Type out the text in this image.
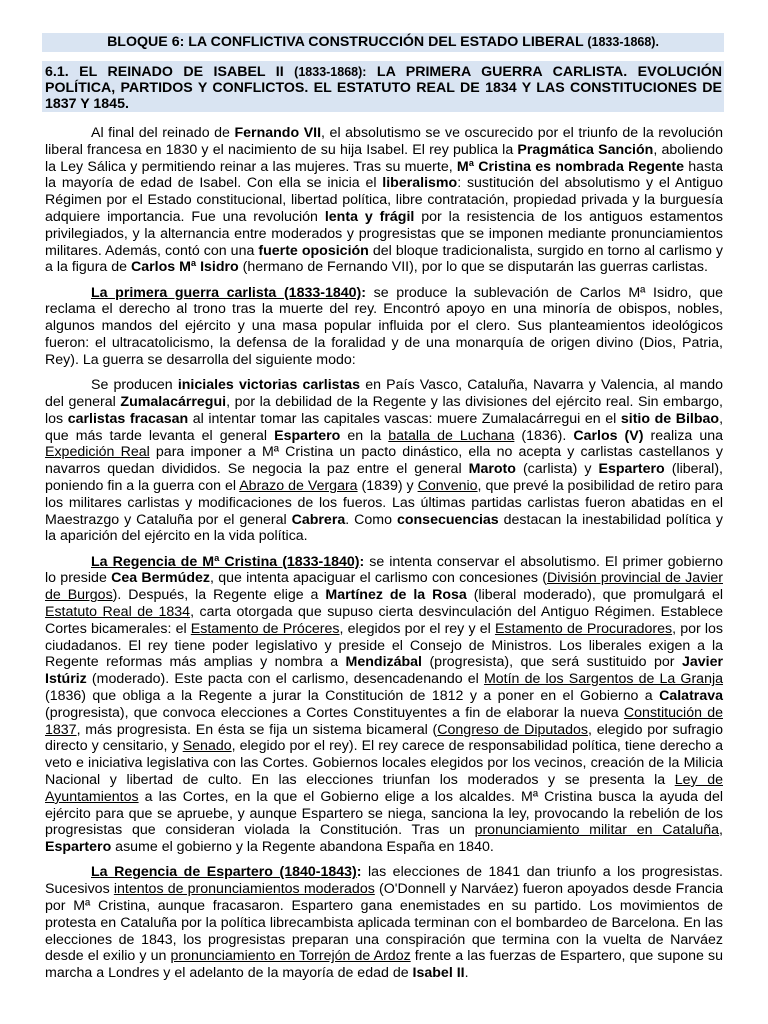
BLOQUE 6: LA CONFLICTIVA CONSTRUCCIÓN DEL ESTADO LIBERAL (1833-1868).
6.1. EL REINADO DE ISABEL II (1833-1868): LA PRIMERA GUERRA CARLISTA. EVOLUCIÓN POLÍTICA, PARTIDOS Y CONFLICTOS. EL ESTATUTO REAL DE 1834 Y LAS CONSTITUCIONES DE 1837 Y 1845.

Al final del reinado de Fernando VII, el absolutismo se ve oscurecido por el triunfo de la revolución liberal francesa en 1830 y el nacimiento de su hija Isabel. El rey publica la Pragmática Sanción, aboliendo la Ley Sálica y permitiendo reinar a las mujeres. Tras su muerte, Mª Cristina es nombrada Regente hasta la mayoría de edad de Isabel. Con ella se inicia el liberalismo: sustitución del absolutismo y el Antiguo Régimen por el Estado constitucional, libertad política, libre contratación, propiedad privada y la burguesía adquiere importancia. Fue una revolución lenta y frágil por la resistencia de los antiguos estamentos privilegiados, y la alternancia entre moderados y progresistas que se imponen mediante pronunciamientos militares. Además, contó con una fuerte oposición del bloque tradicionalista, surgido en torno al carlismo y a la figura de Carlos Mª Isidro (hermano de Fernando VII), por lo que se disputarán las guerras carlistas.

La primera guerra carlista (1833-1840): se produce la sublevación de Carlos Mª Isidro, que reclama el derecho al trono tras la muerte del rey. Encontró apoyo en una minoría de obispos, nobles, algunos mandos del ejército y una masa popular influida por el clero. Sus planteamientos ideológicos fueron: el ultracatolicismo, la defensa de la foralidad y de una monarquía de origen divino (Dios, Patria, Rey). La guerra se desarrolla del siguiente modo:

Se producen iniciales victorias carlistas en País Vasco, Cataluña, Navarra y Valencia, al mando del general Zumalacárregui, por la debilidad de la Regente y las divisiones del ejército real. Sin embargo, los carlistas fracasan al intentar tomar las capitales vascas: muere Zumalacárregui en el sitio de Bilbao, que más tarde levanta el general Espartero en la batalla de Luchana (1836). Carlos (V) realiza una Expedición Real para imponer a Mª Cristina un pacto dinástico, ella no acepta y carlistas castellanos y navarros quedan divididos. Se negocia la paz entre el general Maroto (carlista) y Espartero (liberal), poniendo fin a la guerra con el Abrazo de Vergara (1839) y Convenio, que prevé la posibilidad de retiro para los militares carlistas y modificaciones de los fueros. Las últimas partidas carlistas fueron abatidas en el Maestrazgo y Cataluña por el general Cabrera. Como consecuencias destacan la inestabilidad política y la aparición del ejército en la vida política.

La Regencia de Mª Cristina (1833-1840): se intenta conservar el absolutismo. El primer gobierno lo preside Cea Bermúdez, que intenta apaciguar el carlismo con concesiones (División provincial de Javier de Burgos). Después, la Regente elige a Martínez de la Rosa (liberal moderado), que promulgará el Estatuto Real de 1834, carta otorgada que supuso cierta desvinculación del Antiguo Régimen. Establece Cortes bicamerales: el Estamento de Próceres, elegidos por el rey y el Estamento de Procuradores, por los ciudadanos. El rey tiene poder legislativo y preside el Consejo de Ministros. Los liberales exigen a la Regente reformas más amplias y nombra a Mendizábal (progresista), que será sustituido por Javier Istúriz (moderado). Este pacta con el carlismo, desencadenando el Motín de los Sargentos de La Granja (1836) que obliga a la Regente a jurar la Constitución de 1812 y a poner en el Gobierno a Calatrava (progresista), que convoca elecciones a Cortes Constituyentes a fin de elaborar la nueva Constitución de 1837, más progresista. En ésta se fija un sistema bicameral (Congreso de Diputados, elegido por sufragio directo y censitario, y Senado, elegido por el rey). El rey carece de responsabilidad política, tiene derecho a veto e iniciativa legislativa con las Cortes. Gobiernos locales elegidos por los vecinos, creación de la Milicia Nacional y libertad de culto. En las elecciones triunfan los moderados y se presenta la Ley de Ayuntamientos a las Cortes, en la que el Gobierno elige a los alcaldes. Mª Cristina busca la ayuda del ejército para que se apruebe, y aunque Espartero se niega, sanciona la ley, provocando la rebelión de los progresistas que consideran violada la Constitución. Tras un pronunciamiento militar en Cataluña, Espartero asume el gobierno y la Regente abandona España en 1840.

La Regencia de Espartero (1840-1843): las elecciones de 1841 dan triunfo a los progresistas. Sucesivos intentos de pronunciamientos moderados (O'Donnell y Narváez) fueron apoyados desde Francia por Mª Cristina, aunque fracasaron. Espartero gana enemistades en su partido. Los movimientos de protesta en Cataluña por la política librecambista aplicada terminan con el bombardeo de Barcelona. En las elecciones de 1843, los progresistas preparan una conspiración que termina con la vuelta de Narváez desde el exilio y un pronunciamiento en Torrejón de Ardoz frente a las fuerzas de Espartero, que supone su marcha a Londres y el adelanto de la mayoría de edad de Isabel II.
